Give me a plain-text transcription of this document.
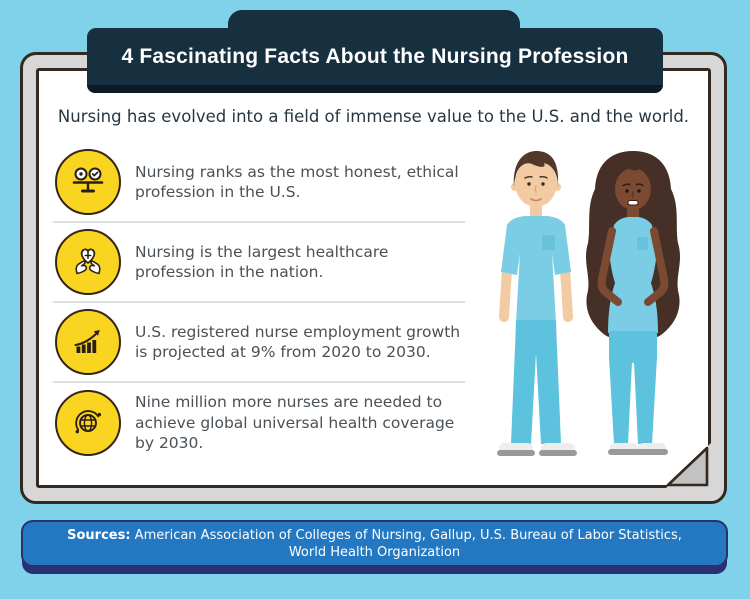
Nursing has evolved into a field of immense value to the U.S. and the world.

Nursing ranks as the most honest, ethical profession in the U.S.

Nursing is the largest healthcare profession in the nation.

U.S. registered nurse employment growth is projected at 9% from 2020 to 2030.

Nine million more nurses are needed to achieve global universal health coverage by 2030.

4 Fascinating Facts About the Nursing Profession

Sources: American Association of Colleges of Nursing, Gallup, U.S. Bureau of Labor Statistics, World Health Organization
